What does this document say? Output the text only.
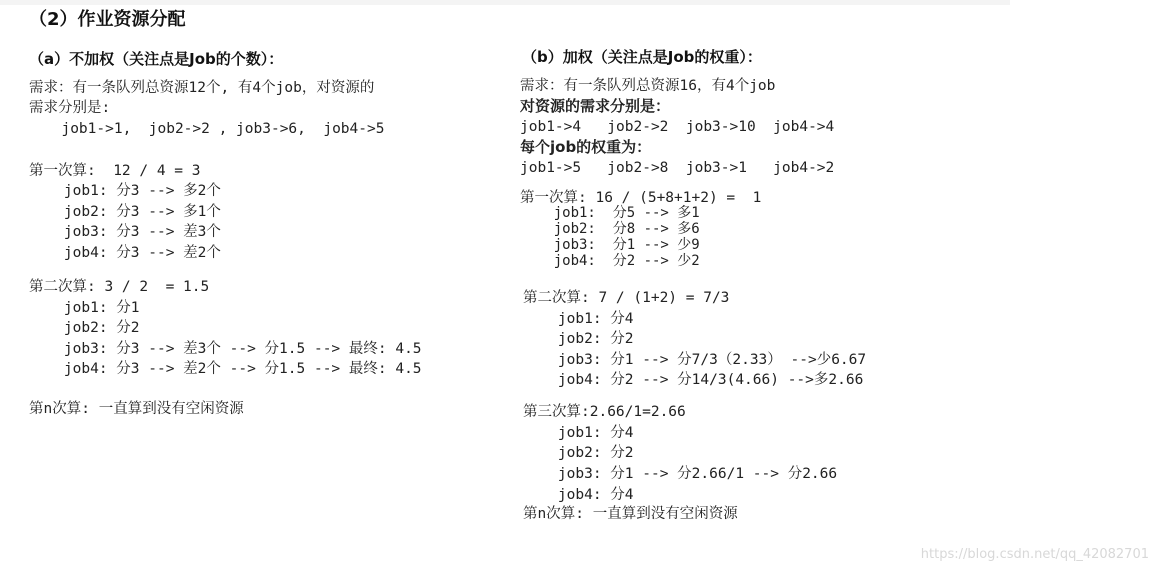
（2）作业资源分配
（a）不加权（关注点是Job的个数）：
需求：有一条队列总资源12个, 有4个job，对资源的
需求分别是:
job1->1,  job2->2 , job3->6,  job4->5
第一次算:  12 / 4 = 3
job1: 分3 --> 多2个
job2: 分3 --> 多1个
job3: 分3 --> 差3个
job4: 分3 --> 差2个
第二次算: 3 / 2  = 1.5
job1: 分1
job2: 分2
job3: 分3 --> 差3个 --> 分1.5 --> 最终: 4.5
job4: 分3 --> 差2个 --> 分1.5 --> 最终: 4.5
第n次算: 一直算到没有空闲资源
（b）加权（关注点是Job的权重）：
需求：有一条队列总资源16，有4个job
对资源的需求分别是：
job1->4   job2->2  job3->10  job4->4
每个job的权重为：
job1->5   job2->8  job3->1   job4->2
第一次算: 16 / (5+8+1+2) =  1
job1:  分5 --> 多1
job2:  分8 --> 多6
job3:  分1 --> 少9
job4:  分2 --> 少2
第二次算: 7 / (1+2) = 7/3
job1: 分4
job2: 分2
job3: 分1 --> 分7/3（2.33） -->少6.67
job4: 分2 --> 分14/3(4.66) -->多2.66
第三次算:2.66/1=2.66
job1: 分4
job2: 分2
job3: 分1 --> 分2.66/1 --> 分2.66
job4: 分4
第n次算: 一直算到没有空闲资源
https://blog.csdn.net/qq_42082701
